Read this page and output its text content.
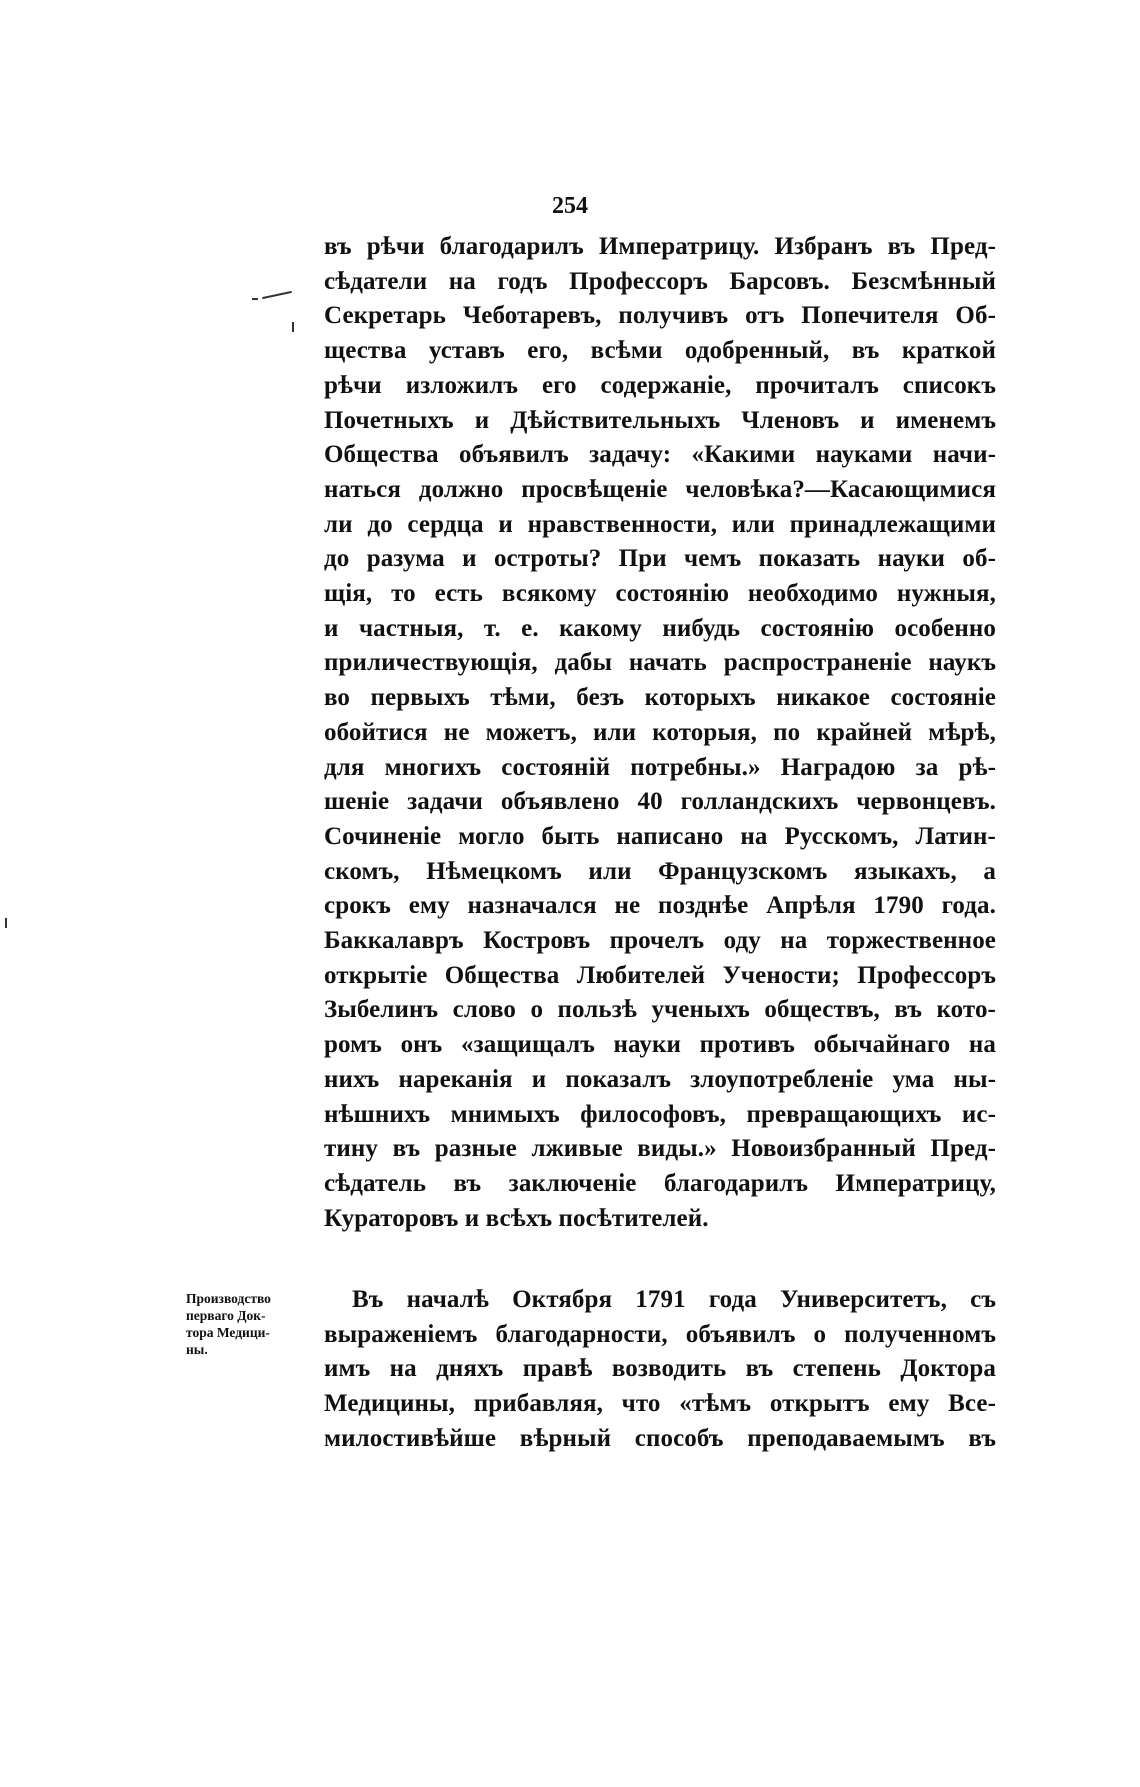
254
въ рѣчи благодарилъ Императрицу. Избранъ въ Пред-
сѣдатели на годъ Профессоръ Барсовъ. Безсмѣнный
Секретарь Чеботаревъ, получивъ отъ Попечителя Об-
щества уставъ его, всѣми одобренный, въ краткой
рѣчи изложилъ его содержаніе, прочиталъ списокъ
Почетныхъ и Дѣйствительныхъ Членовъ и именемъ
Общества объявилъ задачу: «Какими науками начи-
наться должно просвѣщеніе человѣка?—Касающимися
ли до сердца и нравственности, или принадлежащими
до разума и остроты? При чемъ показать науки об-
щія, то есть всякому состоянію необходимо нужныя,
и частныя, т. е. какому нибудь состоянію особенно
приличествующія, дабы начать распространеніе наукъ
во первыхъ тѣми, безъ которыхъ никакое состояніе
обойтися не можетъ, или которыя, по крайней мѣрѣ,
для многихъ состояній потребны.» Наградою за рѣ-
шеніе задачи объявлено 40 голландскихъ червонцевъ.
Сочиненіе могло быть написано на Русскомъ, Латин-
скомъ, Нѣмецкомъ или Французскомъ языкахъ, а
срокъ ему назначался не позднѣе Апрѣля 1790 года.
Баккалавръ Костровъ прочелъ оду на торжественное
открытіе Общества Любителей Учености; Профессоръ
Зыбелинъ слово о пользѣ ученыхъ обществъ, въ кото-
ромъ онъ «защищалъ науки противъ обычайнаго на
нихъ нареканія и показалъ злоупотребленіе ума ны-
нѣшнихъ мнимыхъ философовъ, превращающихъ ис-
тину въ разные лживые виды.» Новоизбранный Пред-
сѣдатель въ заключеніе благодарилъ Императрицу,
Кураторовъ и всѣхъ посѣтителей.
Производство
перваго Док-
тора Медици-
ны.
Въ началѣ Октября 1791 года Университетъ, съ
выраженіемъ благодарности, объявилъ о полученномъ
имъ на дняхъ правѣ возводить въ степень Доктора
Медицины, прибавляя, что «тѣмъ открытъ ему Все-
милостивѣйше вѣрный способъ преподаваемымъ въ
